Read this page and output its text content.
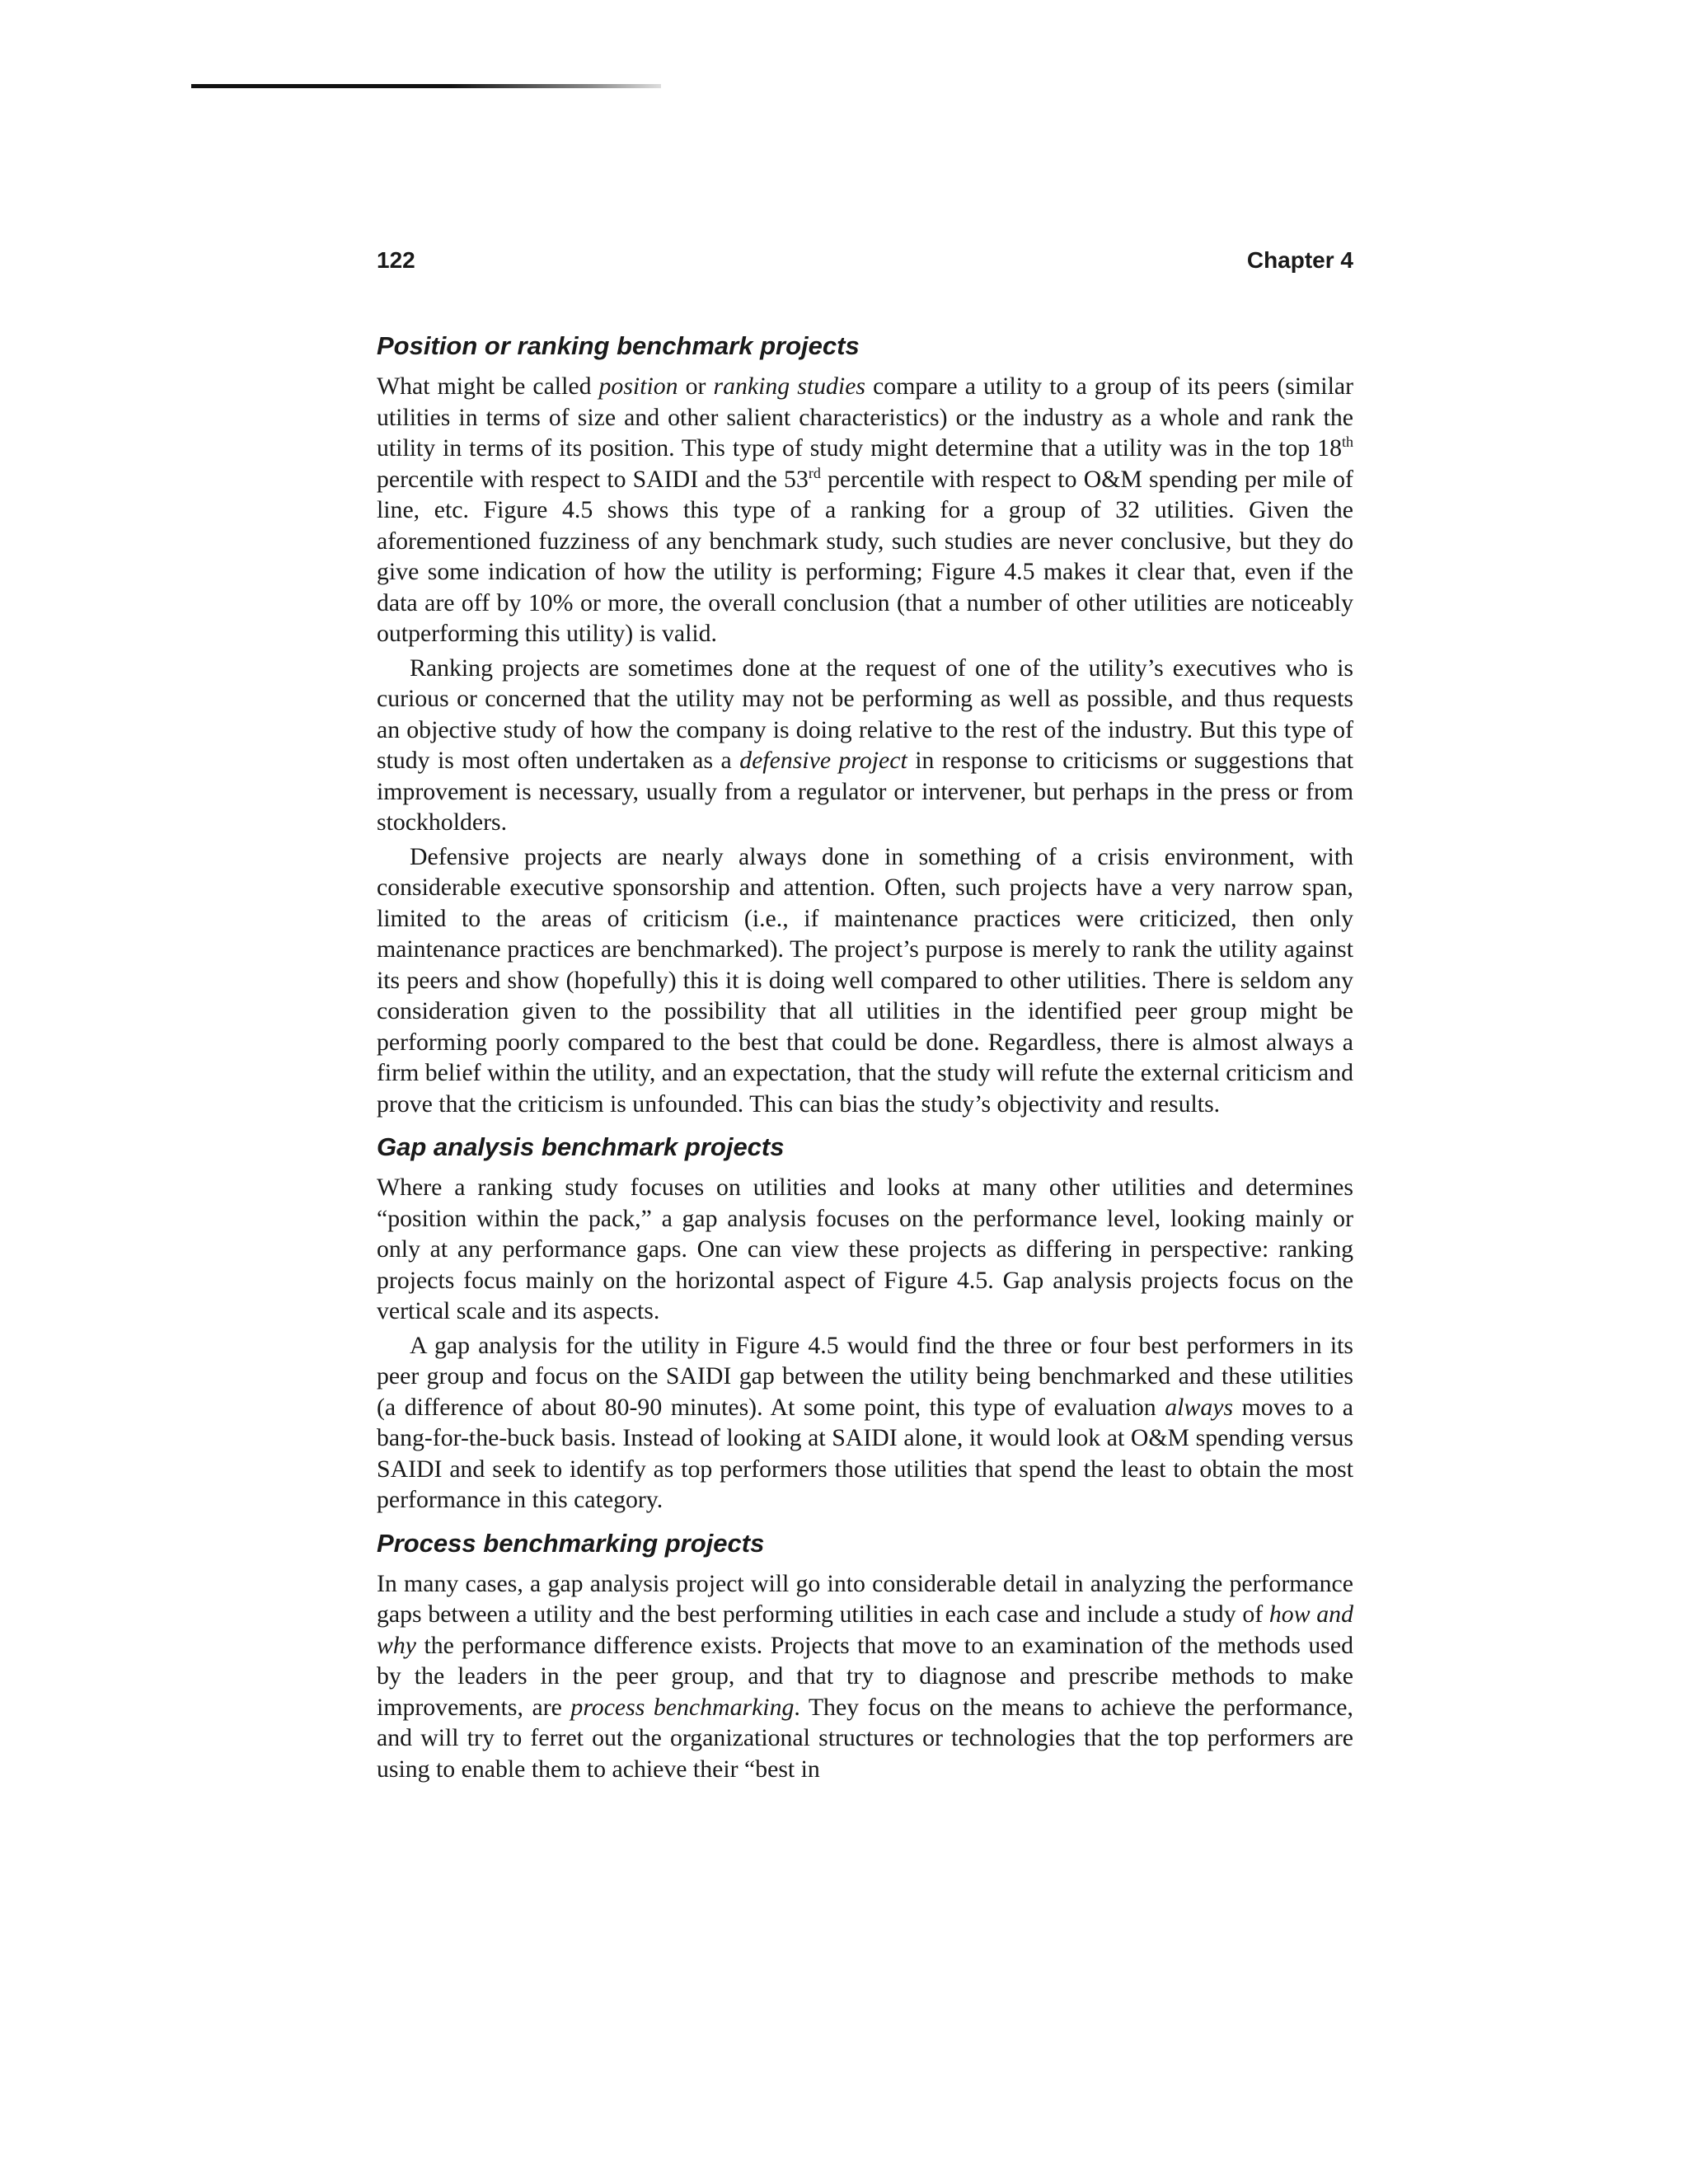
122	Chapter 4
Position or ranking benchmark projects

What might be called position or ranking studies compare a utility to a group of its peers (similar utilities in terms of size and other salient characteristics) or the industry as a whole and rank the utility in terms of its position. This type of study might determine that a utility was in the top 18th percentile with respect to SAIDI and the 53rd percentile with respect to O&M spending per mile of line, etc. Figure 4.5 shows this type of a ranking for a group of 32 utilities. Given the aforementioned fuzziness of any benchmark study, such studies are never conclusive, but they do give some indication of how the utility is performing; Figure 4.5 makes it clear that, even if the data are off by 10% or more, the overall conclusion (that a number of other utilities are noticeably outperforming this utility) is valid.

Ranking projects are sometimes done at the request of one of the utility’s executives who is curious or concerned that the utility may not be performing as well as possible, and thus requests an objective study of how the company is doing relative to the rest of the industry. But this type of study is most often undertaken as a defensive project in response to criticisms or suggestions that improvement is necessary, usually from a regulator or intervener, but perhaps in the press or from stockholders.

Defensive projects are nearly always done in something of a crisis environment, with considerable executive sponsorship and attention. Often, such projects have a very narrow span, limited to the areas of criticism (i.e., if maintenance practices were criticized, then only maintenance practices are benchmarked). The project’s purpose is merely to rank the utility against its peers and show (hopefully) this it is doing well compared to other utilities. There is seldom any consideration given to the possibility that all utilities in the identified peer group might be performing poorly compared to the best that could be done. Regardless, there is almost always a firm belief within the utility, and an expectation, that the study will refute the external criticism and prove that the criticism is unfounded. This can bias the study’s objectivity and results.

Gap analysis benchmark projects

Where a ranking study focuses on utilities and looks at many other utilities and determines “position within the pack,” a gap analysis focuses on the performance level, looking mainly or only at any performance gaps. One can view these projects as differing in perspective: ranking projects focus mainly on the horizontal aspect of Figure 4.5. Gap analysis projects focus on the vertical scale and its aspects.

A gap analysis for the utility in Figure 4.5 would find the three or four best performers in its peer group and focus on the SAIDI gap between the utility being benchmarked and these utilities (a difference of about 80-90 minutes). At some point, this type of evaluation always moves to a bang-for-the-buck basis. Instead of looking at SAIDI alone, it would look at O&M spending versus SAIDI and seek to identify as top performers those utilities that spend the least to obtain the most performance in this category.

Process benchmarking projects

In many cases, a gap analysis project will go into considerable detail in analyzing the performance gaps between a utility and the best performing utilities in each case and include a study of how and why the performance difference exists. Projects that move to an examination of the methods used by the leaders in the peer group, and that try to diagnose and prescribe methods to make improvements, are process benchmarking. They focus on the means to achieve the performance, and will try to ferret out the organizational structures or technologies that the top performers are using to enable them to achieve their “best in
